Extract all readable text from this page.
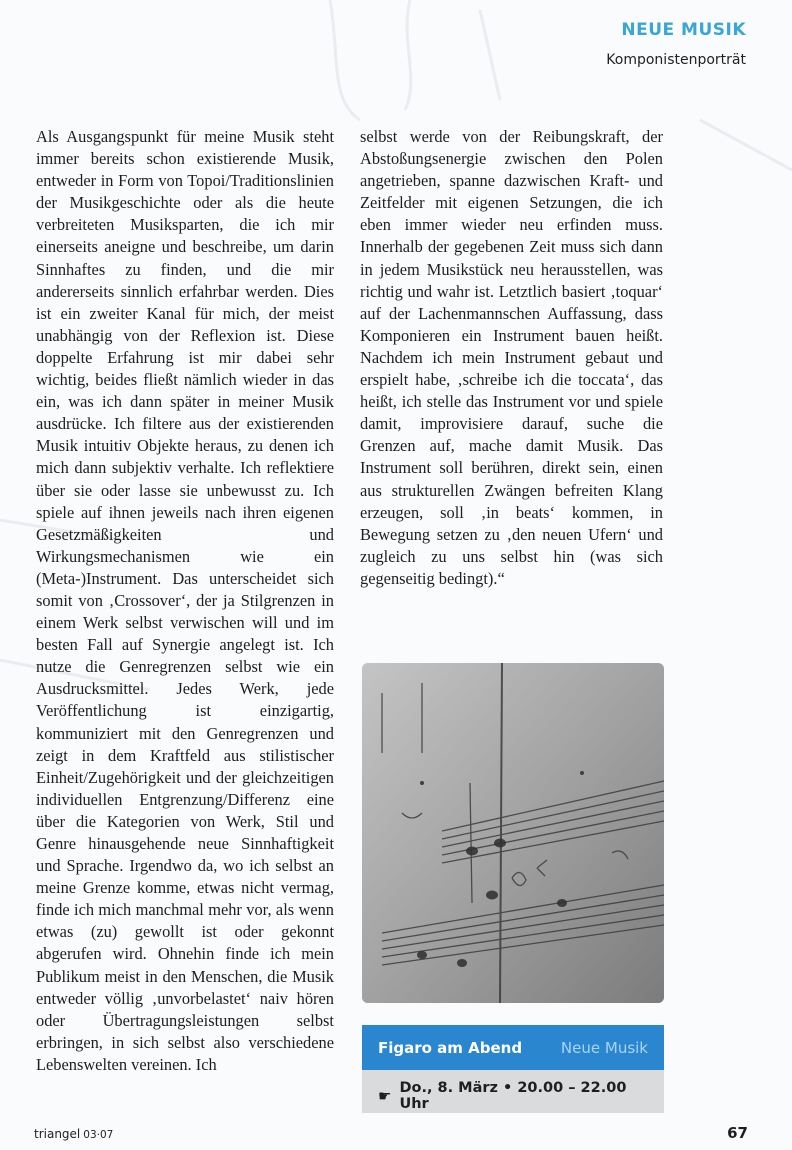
NEUE MUSIK
Komponistenporträt

Als Ausgangspunkt für meine Musik steht immer bereits schon existierende Musik, entweder in Form von Topoi/Traditionslinien der Musikgeschichte oder als die heute verbreiteten Musiksparten, die ich mir einerseits aneigne und beschreibe, um darin Sinnhaftes zu finden, und die mir andererseits sinnlich erfahrbar werden. Dies ist ein zweiter Kanal für mich, der meist unabhängig von der Reflexion ist. Diese doppelte Erfahrung ist mir dabei sehr wichtig, beides fließt nämlich wieder in das ein, was ich dann später in meiner Musik ausdrücke. Ich filtere aus der existierenden Musik intuitiv Objekte heraus, zu denen ich mich dann subjektiv verhalte. Ich reflektiere über sie oder lasse sie unbewusst zu. Ich spiele auf ihnen jeweils nach ihren eigenen Gesetzmäßigkeiten und Wirkungsmechanismen wie ein (Meta-)Instrument. Das unterscheidet sich somit von ‚Crossover‘, der ja Stilgrenzen in einem Werk selbst verwischen will und im besten Fall auf Synergie angelegt ist. Ich nutze die Genregrenzen selbst wie ein Ausdrucksmittel. Jedes Werk, jede Veröffentlichung ist einzigartig, kommuniziert mit den Genregrenzen und zeigt in dem Kraftfeld aus stilistischer Einheit/Zugehörigkeit und der gleichzeitigen individuellen Entgrenzung/Differenz eine über die Kategorien von Werk, Stil und Genre hinausgehende neue Sinnhaftigkeit und Sprache. Irgendwo da, wo ich selbst an meine Grenze komme, etwas nicht vermag, finde ich mich manchmal mehr vor, als wenn etwas (zu) gewollt ist oder gekonnt abgerufen wird. Ohnehin finde ich mein Publikum meist in den Menschen, die Musik entweder völlig ‚unvorbelastet‘ naiv hören oder Übertragungsleistungen selbst erbringen, in sich selbst also verschiedene Lebenswelten vereinen. Ich

selbst werde von der Reibungskraft, der Abstoßungsenergie zwischen den Polen angetrieben, spanne dazwischen Kraft- und Zeitfelder mit eigenen Setzungen, die ich eben immer wieder neu erfinden muss. Innerhalb der gegebenen Zeit muss sich dann in jedem Musikstück neu herausstellen, was richtig und wahr ist. Letztlich basiert ‚toquar‘ auf der Lachenmannschen Auffassung, dass Komponieren ein Instrument bauen heißt. Nachdem ich mein Instrument gebaut und erspielt habe, ‚schreibe ich die toccata‘, das heißt, ich stelle das Instrument vor und spiele damit, improvisiere darauf, suche die Grenzen auf, mache damit Musik. Das Instrument soll berühren, direkt sein, einen aus strukturellen Zwängen befreiten Klang erzeugen, soll ‚in beats‘ kommen, in Bewegung setzen zu ‚den neuen Ufern‘ und zugleich zu uns selbst hin (was sich gegenseitig bedingt).“

Figaro am Abend	Neue Musik
☛ Do., 8. März • 20.00 – 22.00 Uhr
triangel 03·07	67
